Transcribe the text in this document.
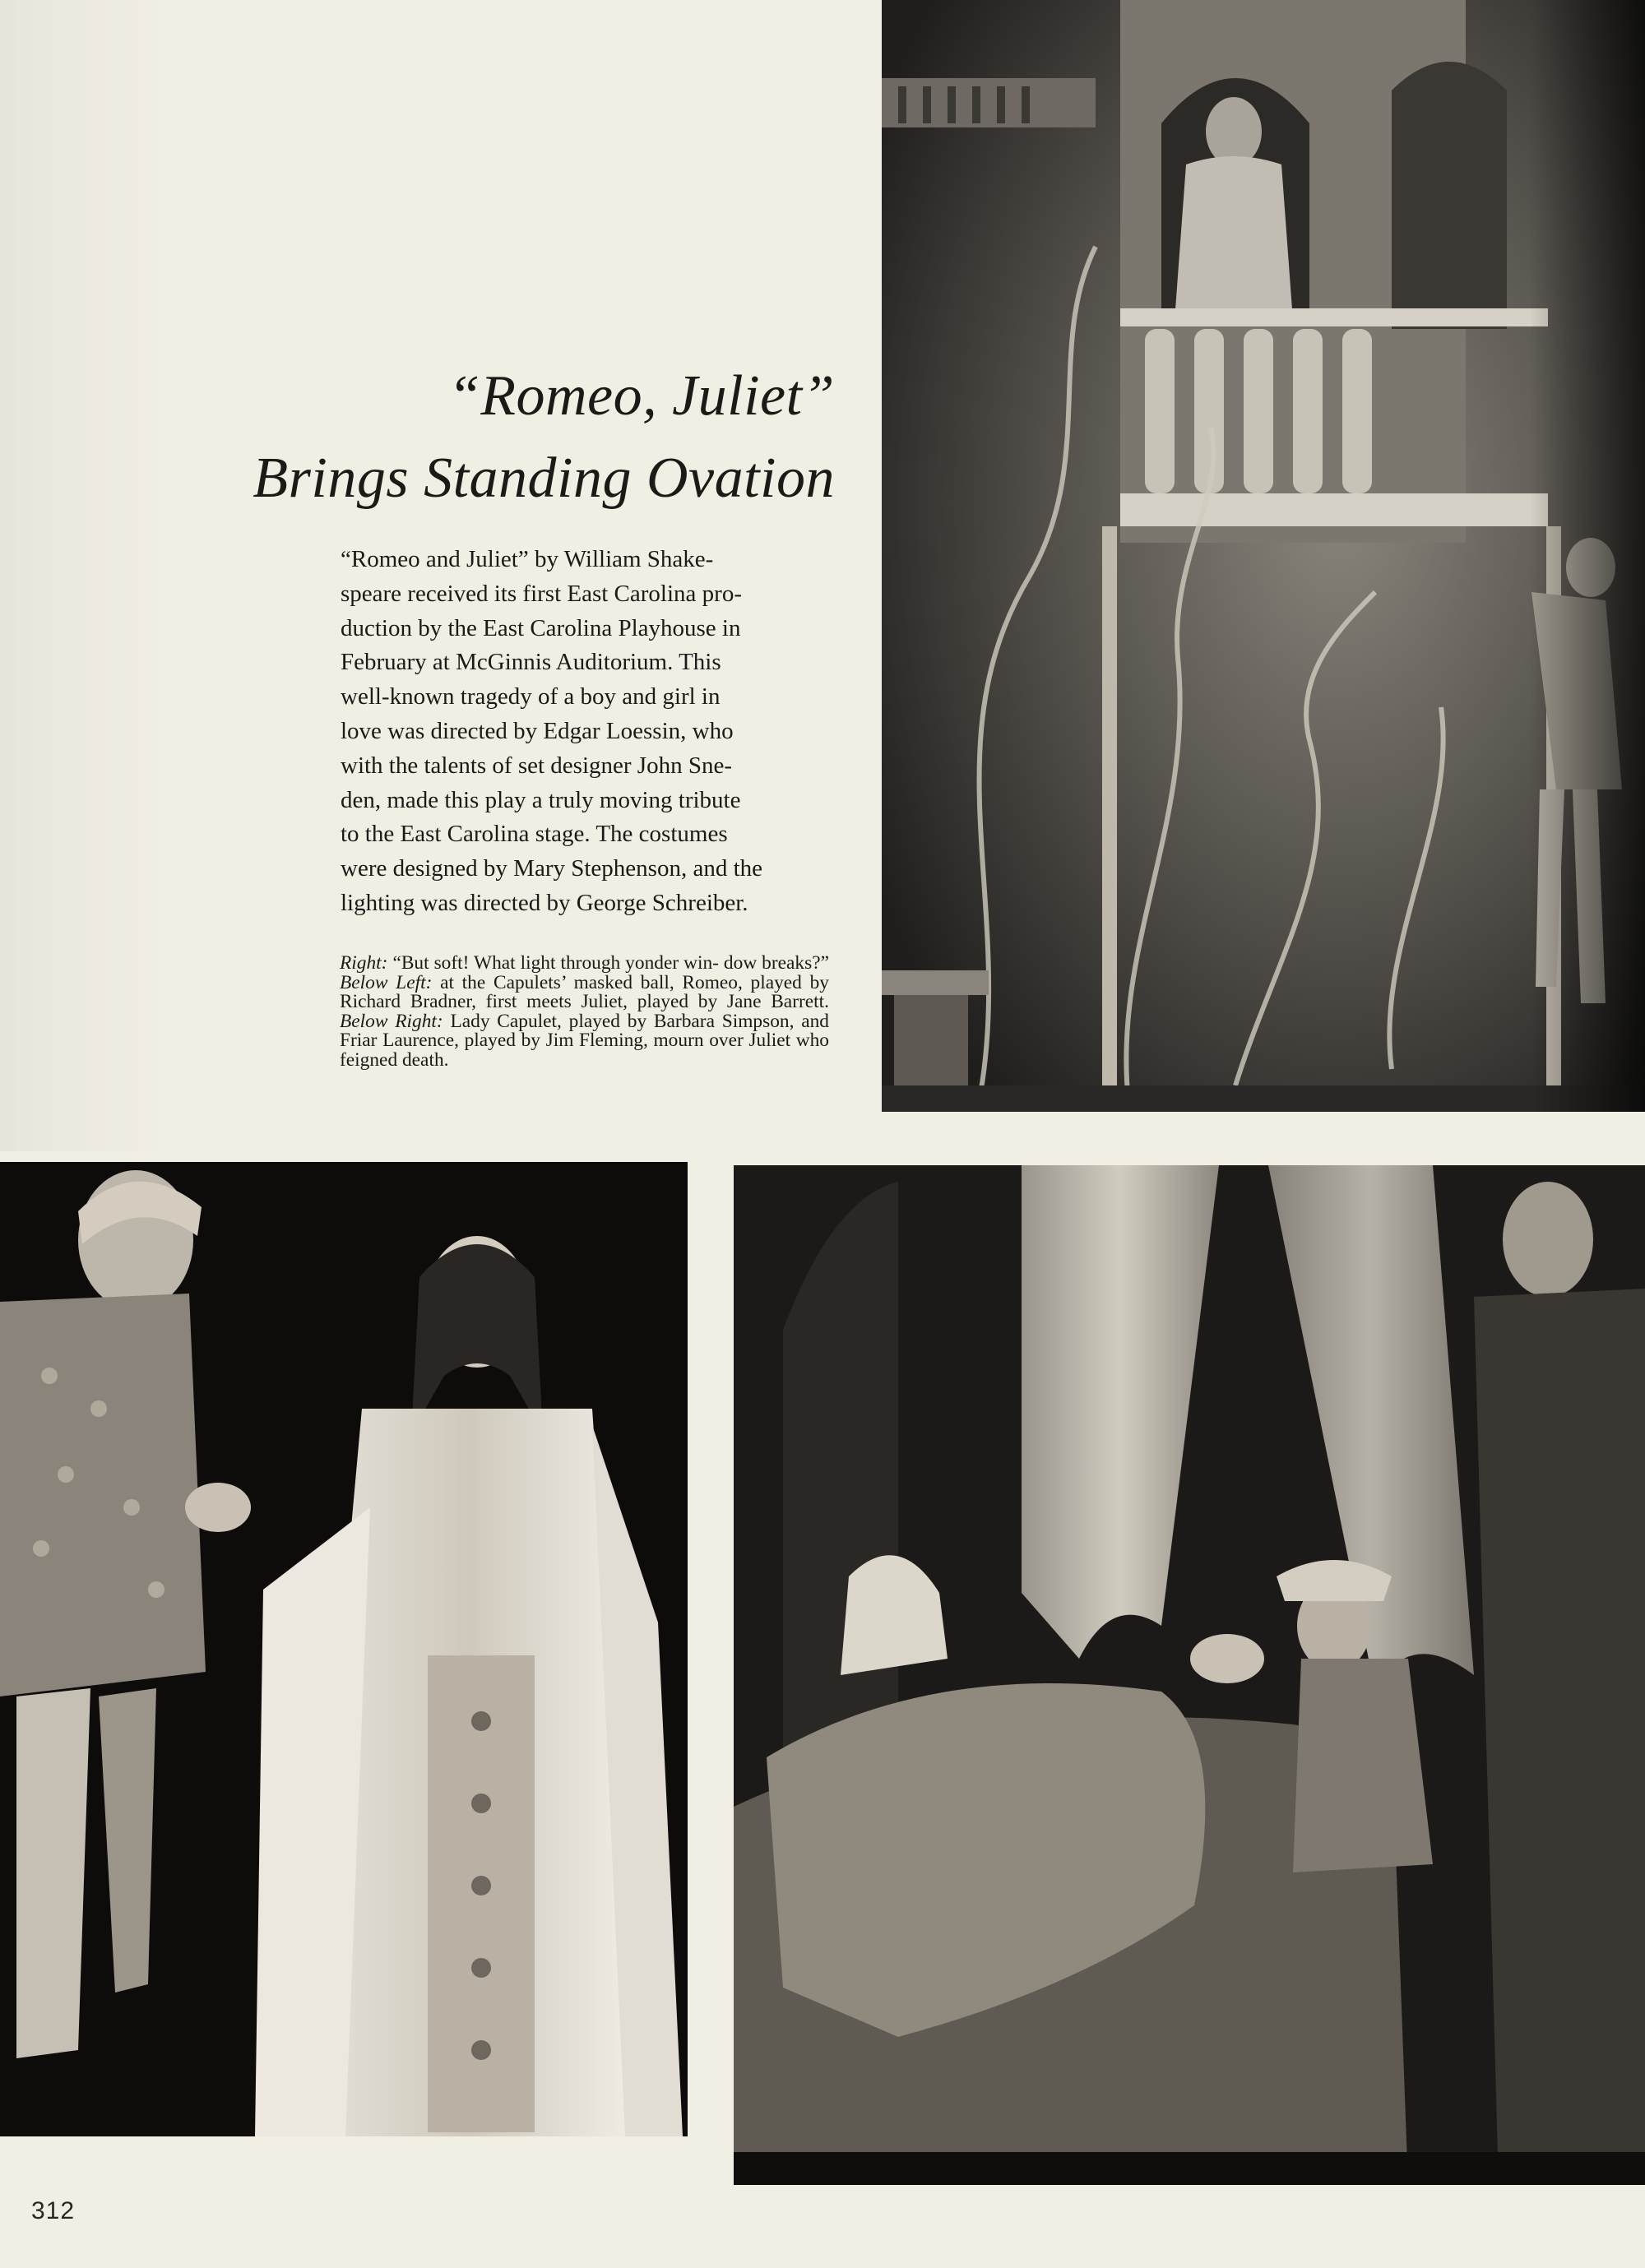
“Romeo, Juliet”
Brings Standing Ovation
“Romeo and Juliet” by William Shake-
speare received its first East Carolina pro-
duction by the East Carolina Playhouse in
February at McGinnis Auditorium. This
well-known tragedy of a boy and girl in
love was directed by Edgar Loessin, who
with the talents of set designer John Sne-
den, made this play a truly moving tribute
to the East Carolina stage. The costumes
were designed by Mary Stephenson, and the
lighting was directed by George Schreiber.

Right: “But soft! What light through yonder win- dow breaks?” Below Left: at the Capulets’ masked ball, Romeo, played by Richard Bradner, first meets Juliet, played by Jane Barrett. Below Right: Lady Capulet, played by Barbara Simpson, and Friar Laurence, played by Jim Fleming, mourn over Juliet who feigned death.

312
